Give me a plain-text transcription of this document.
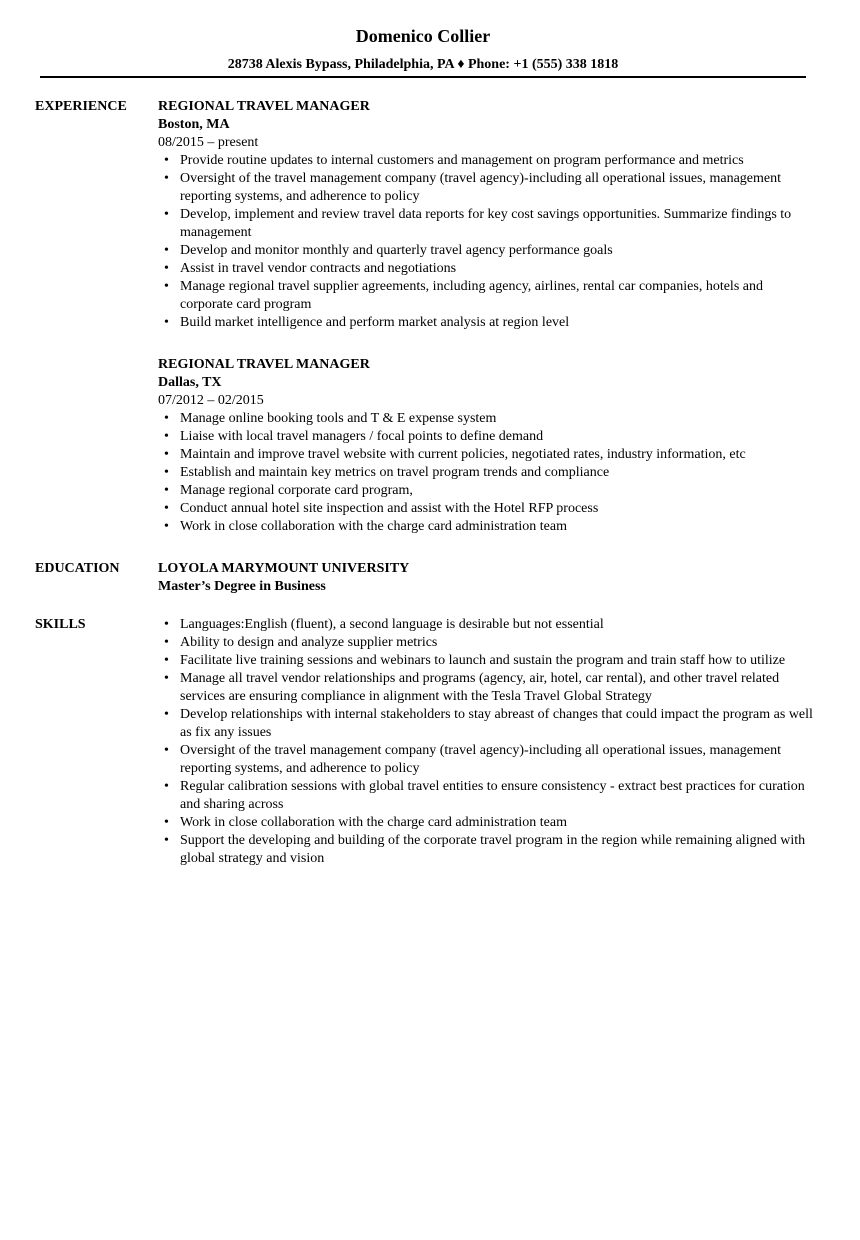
Domenico Collier
28738 Alexis Bypass, Philadelphia, PA ♦ Phone: +1 (555) 338 1818
EXPERIENCE REGIONAL TRAVEL MANAGER
Boston, MA
08/2015 – present
• Provide routine updates to internal customers and management on program performance and metrics
• Oversight of the travel management company (travel agency)-including all operational issues, management reporting systems, and adherence to policy
• Develop, implement and review travel data reports for key cost savings opportunities. Summarize findings to management
• Develop and monitor monthly and quarterly travel agency performance goals
• Assist in travel vendor contracts and negotiations
• Manage regional travel supplier agreements, including agency, airlines, rental car companies, hotels and corporate card program
• Build market intelligence and perform market analysis at region level
REGIONAL TRAVEL MANAGER
Dallas, TX
07/2012 – 02/2015
• Manage online booking tools and T & E expense system
• Liaise with local travel managers / focal points to define demand
• Maintain and improve travel website with current policies, negotiated rates, industry information, etc
• Establish and maintain key metrics on travel program trends and compliance
• Manage regional corporate card program,
• Conduct annual hotel site inspection and assist with the Hotel RFP process
• Work in close collaboration with the charge card administration team
EDUCATION	LOYOLA MARYMOUNT UNIVERSITY
Master’s Degree in Business
SKILLS	• Languages:English (fluent), a second language is desirable but not essential
• Ability to design and analyze supplier metrics
• Facilitate live training sessions and webinars to launch and sustain the program and train staff how to utilize
• Manage all travel vendor relationships and programs (agency, air, hotel, car rental), and other travel related services are ensuring compliance in alignment with the Tesla Travel Global Strategy
• Develop relationships with internal stakeholders to stay abreast of changes that could impact the program as well as fix any issues
• Oversight of the travel management company (travel agency)-including all operational issues, management reporting systems, and adherence to policy
• Regular calibration sessions with global travel entities to ensure consistency - extract best practices for curation and sharing across
• Work in close collaboration with the charge card administration team
• Support the developing and building of the corporate travel program in the region while remaining aligned with global strategy and vision
